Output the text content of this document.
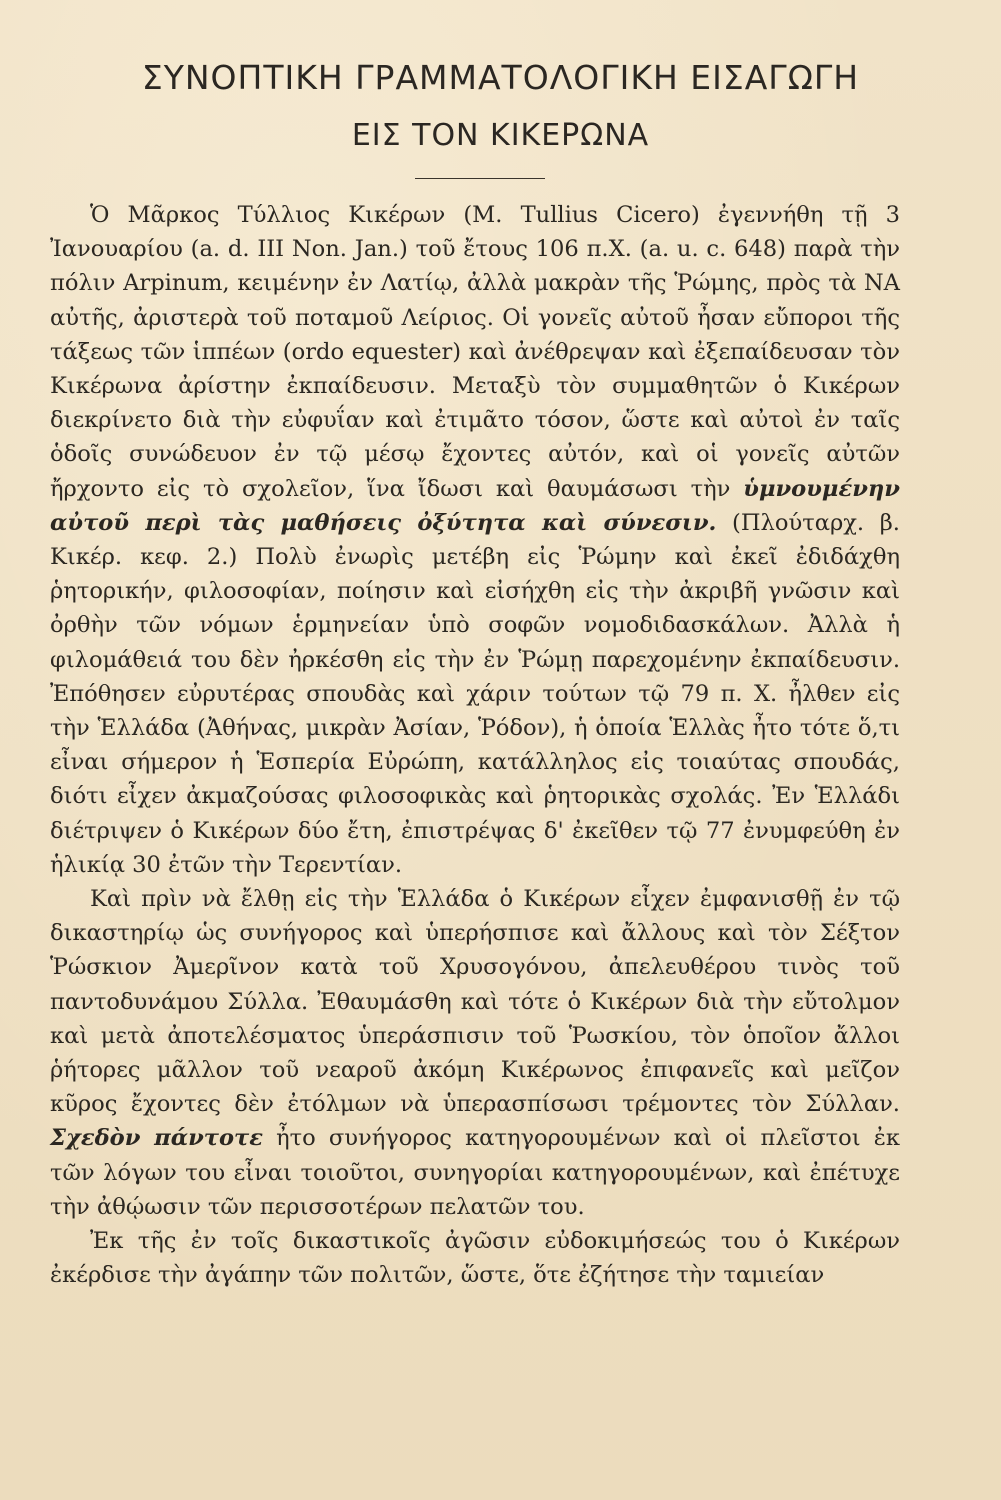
ΣΥΝΟΠΤΙΚΗ ΓΡΑΜΜΑΤΟΛΟΓΙΚΗ ΕΙΣΑΓΩΓΗ
ΕΙΣ ΤΟΝ ΚΙΚΕΡΩΝΑ

Ὁ Μᾶρκος Τύλλιος Κικέρων (M. Tullius Cicero) ἐγεννήθη τῇ 3 Ἰανουαρίου (a. d. III Non. Jan.) τοῦ ἔτους 106 π.Χ. (a. u. c. 648) παρὰ τὴν πόλιν Arpinum, κειμένην ἐν Λατίῳ, ἀλλὰ μακρὰν τῆς Ῥώμης, πρὸς τὰ ΝΑ αὐτῆς, ἀριστερὰ τοῦ ποταμοῦ Λείριος. Οἱ γονεῖς αὐτοῦ ἦσαν εὔποροι τῆς τάξεως τῶν ἱππέων (ordo equester) καὶ ἀνέθρεψαν καὶ ἐξεπαίδευσαν τὸν Κικέρωνα ἀρίστην ἐκπαίδευσιν. Μεταξὺ τὸν συμμαθητῶν ὁ Κικέρων διεκρίνετο διὰ τὴν εὐφυΐαν καὶ ἐτιμᾶτο τόσον, ὥστε καὶ αὐτοὶ ἐν ταῖς ὁδοῖς συνώδευον ἐν τῷ μέσῳ ἔχοντες αὐτόν, καὶ οἱ γονεῖς αὐτῶν ἤρχοντο εἰς τὸ σχολεῖον, ἵνα ἴδωσι καὶ θαυμάσωσι τὴν ὑμνουμένην αὐτοῦ περὶ τὰς μαθήσεις ὀξύτητα καὶ σύνεσιν. (Πλούταρχ. β. Κικέρ. κεφ. 2.) Πολὺ ἐνωρὶς μετέβη εἰς Ῥώμην καὶ ἐκεῖ ἐδιδάχθη ῥητορικήν, φιλοσοφίαν, ποίησιν καὶ εἰσήχθη εἰς τὴν ἀκριβῆ γνῶσιν καὶ ὀρθὴν τῶν νόμων ἑρμηνείαν ὑπὸ σοφῶν νομοδιδασκάλων. Ἀλλὰ ἡ φιλομάθειά του δὲν ἠρκέσθη εἰς τὴν ἐν Ῥώμῃ παρεχομένην ἐκπαίδευσιν. Ἐπόθησεν εὐρυτέρας σπουδὰς καὶ χάριν τούτων τῷ 79 π. Χ. ἦλθεν εἰς τὴν Ἑλλάδα (Ἀθήνας, μικρὰν Ἀσίαν, Ῥόδον), ἡ ὁποία Ἑλλὰς ἦτο τότε ὅ,τι εἶναι σήμερον ἡ Ἑσπερία Εὐρώπη, κατάλληλος εἰς τοιαύτας σπουδάς, διότι εἶχεν ἀκμαζούσας φιλοσοφικὰς καὶ ῥητορικὰς σχολάς. Ἐν Ἑλλάδι διέτριψεν ὁ Κικέρων δύο ἔτη, ἐπιστρέψας δ' ἐκεῖθεν τῷ 77 ἐνυμφεύθη ἐν ἡλικίᾳ 30 ἐτῶν τὴν Τερεντίαν.

Καὶ πρὶν νὰ ἔλθῃ εἰς τὴν Ἑλλάδα ὁ Κικέρων εἶχεν ἐμφανισθῇ ἐν τῷ δικαστηρίῳ ὡς συνήγορος καὶ ὑπερήσπισε καὶ ἄλλους καὶ τὸν Σέξτον Ῥώσκιον Ἀμερῖνον κατὰ τοῦ Χρυσογόνου, ἀπελευθέρου τινὸς τοῦ παντοδυνάμου Σύλλα. Ἐθαυμάσθη καὶ τότε ὁ Κικέρων διὰ τὴν εὔτολμον καὶ μετὰ ἀποτελέσματος ὑπεράσπισιν τοῦ Ῥωσκίου, τὸν ὁποῖον ἄλλοι ῥήτορες μᾶλλον τοῦ νεαροῦ ἀκόμη Κικέρωνος ἐπιφανεῖς καὶ μεῖζον κῦρος ἔχοντες δὲν ἐτόλμων νὰ ὑπερασπίσωσι τρέμοντες τὸν Σύλλαν. Σχεδὸν πάντοτε ἦτο συνήγορος κατηγορουμένων καὶ οἱ πλεῖστοι ἐκ τῶν λόγων του εἶναι τοιοῦτοι, συνηγορίαι κατηγορουμένων, καὶ ἐπέτυχε τὴν ἀθῴωσιν τῶν περισσοτέρων πελατῶν του.

Ἐκ τῆς ἐν τοῖς δικαστικοῖς ἀγῶσιν εὐδοκιμήσεώς του ὁ Κικέρων ἐκέρδισε τὴν ἀγάπην τῶν πολιτῶν, ὥστε, ὅτε ἐζήτησε τὴν ταμιείαν
